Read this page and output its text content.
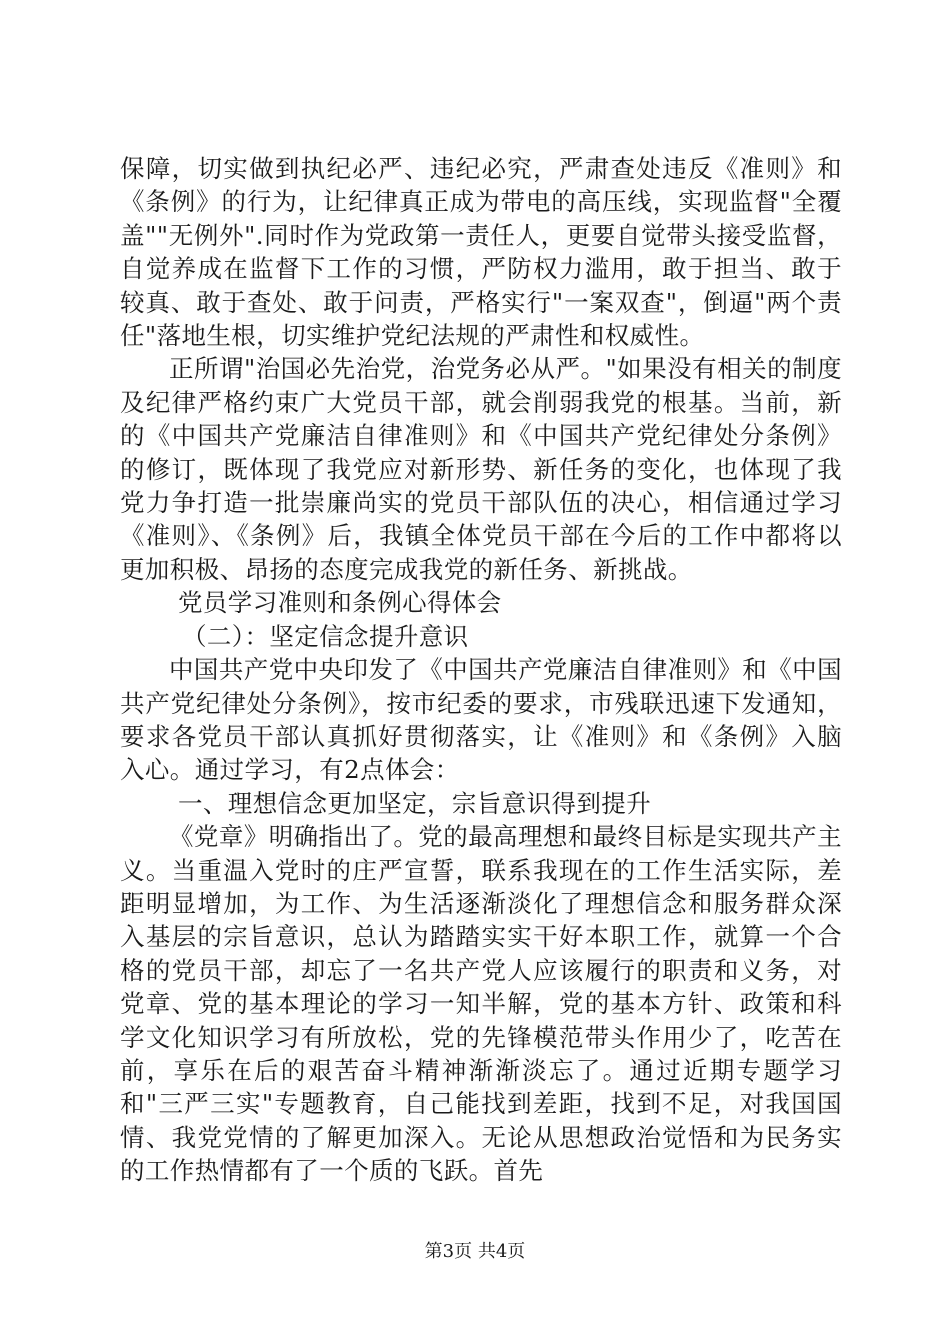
保障，切实做到执纪必严、违纪必究，严肃查处违反《准则》和《条例》的行为，让纪律真正成为带电的高压线，实现监督"全覆盖""无例外".同时作为党政第一责任人，更要自觉带头接受监督，自觉养成在监督下工作的习惯，严防权力滥用，敢于担当、敢于较真、敢于查处、敢于问责，严格实行"一案双查"，倒逼"两个责任"落地生根，切实维护党纪法规的严肃性和权威性。

正所谓"治国必先治党，治党务必从严。"如果没有相关的制度及纪律严格约束广大党员干部，就会削弱我党的根基。当前，新的《中国共产党廉洁自律准则》和《中国共产党纪律处分条例》的修订，既体现了我党应对新形势、新任务的变化，也体现了我党力争打造一批崇廉尚实的党员干部队伍的决心，相信通过学习《准则》、《条例》后，我镇全体党员干部在今后的工作中都将以更加积极、昂扬的态度完成我党的新任务、新挑战。

党员学习准则和条例心得体会

（二）：坚定信念提升意识

中国共产党中央印发了《中国共产党廉洁自律准则》和《中国共产党纪律处分条例》，按市纪委的要求，市残联迅速下发通知，要求各党员干部认真抓好贯彻落实，让《准则》和《条例》入脑入心。通过学习，有2点体会：

一、理想信念更加坚定，宗旨意识得到提升

《党章》明确指出了。党的最高理想和最终目标是实现共产主义。当重温入党时的庄严宣誓，联系我现在的工作生活实际，差距明显增加，为工作、为生活逐渐淡化了理想信念和服务群众深入基层的宗旨意识，总认为踏踏实实干好本职工作，就算一个合格的党员干部，却忘了一名共产党人应该履行的职责和义务，对党章、党的基本理论的学习一知半解，党的基本方针、政策和科学文化知识学习有所放松，党的先锋模范带头作用少了，吃苦在前，享乐在后的艰苦奋斗精神渐渐淡忘了。通过近期专题学习和"三严三实"专题教育，自己能找到差距，找到不足，对我国国情、我党党情的了解更加深入。无论从思想政治觉悟和为民务实的工作热情都有了一个质的飞跃。首先

第3页 共4页
